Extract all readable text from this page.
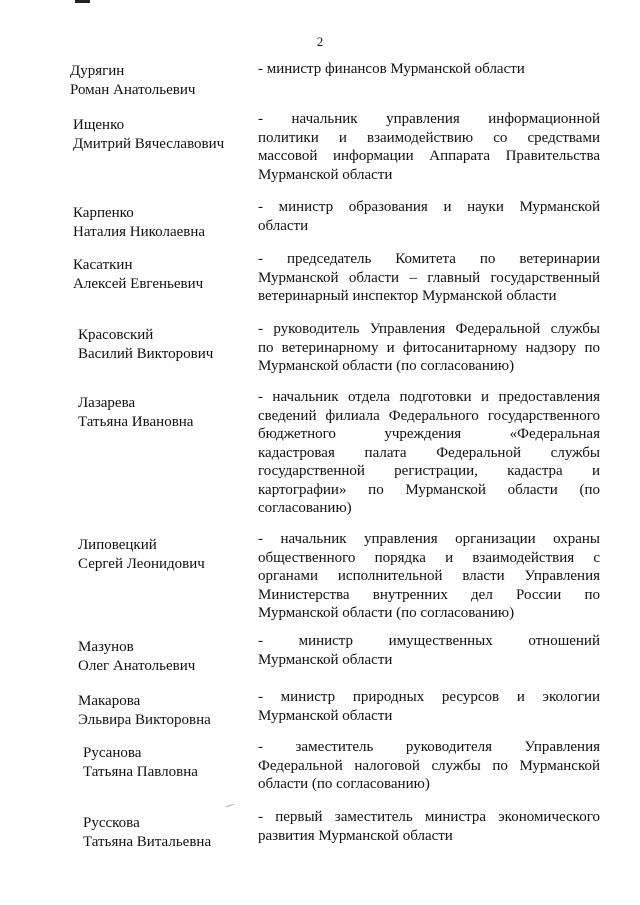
2
Дурягин
Роман Анатольевич
- министр финансов Мурманской области
Ищенко
Дмитрий Вячеславович
- начальник управления информационной
политики и взаимодействию со средствами
массовой информации Аппарата Правительства
Мурманской области
Карпенко
Наталия Николаевна
- министр образования и науки Мурманской
области
Касаткин
Алексей Евгеньевич
- председатель Комитета по ветеринарии
Мурманской области – главный государственный
ветеринарный инспектор Мурманской области
Красовский
Василий Викторович
- руководитель Управления Федеральной службы
по ветеринарному и фитосанитарному надзору по
Мурманской области (по согласованию)
Лазарева
Татьяна Ивановна
- начальник отдела подготовки и предоставления
сведений филиала Федерального государственного
бюджетного учреждения «Федеральная
кадастровая палата Федеральной службы
государственной регистрации, кадастра и
картографии» по Мурманской области (по
согласованию)
Липовецкий
Сергей Леонидович
- начальник управления организации охраны
общественного порядка и взаимодействия с
органами исполнительной власти Управления
Министерства внутренних дел России по
Мурманской области (по согласованию)
Мазунов
Олег Анатольевич
- министр имущественных отношений
Мурманской области
Макарова
Эльвира Викторовна
- министр природных ресурсов и экологии
Мурманской области
Русанова
Татьяна Павловна
- заместитель руководителя Управления
Федеральной налоговой службы по Мурманской
области (по согласованию)
Русскова
Татьяна Витальевна
- первый заместитель министра экономического
развития Мурманской области
